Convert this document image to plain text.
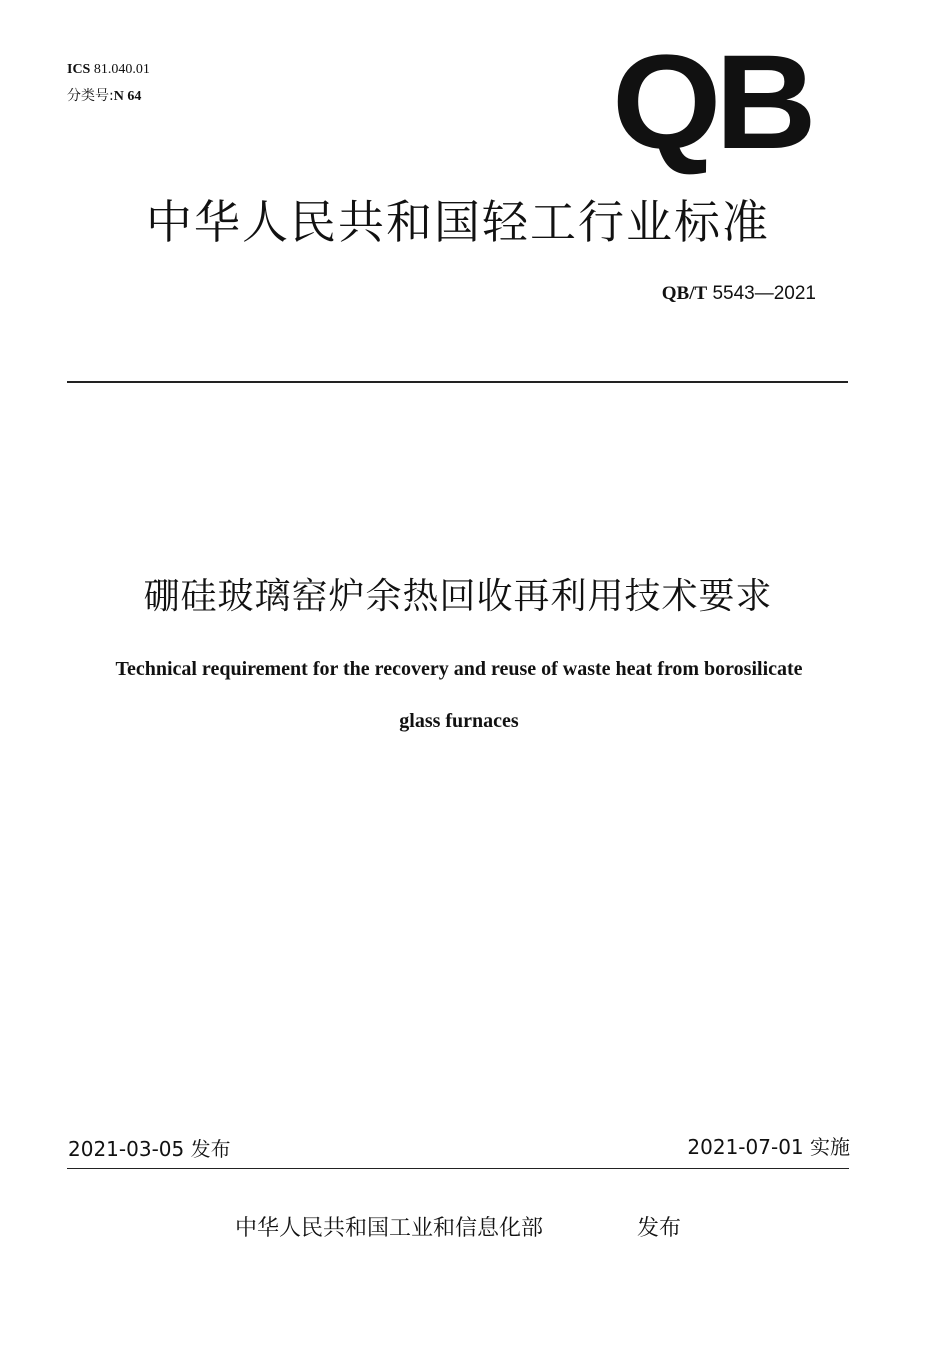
ICS 81.040.01
分类号:N 64	QB
中华人民共和国轻工行业标准
QB/T 5543—2021
硼硅玻璃窑炉余热回收再利用技术要求
Technical requirement for the recovery and reuse of waste heat from borosilicate
glass furnaces
2021-03-05 发布	2021-07-01 实施
中华人民共和国工业和信息化部	发布
